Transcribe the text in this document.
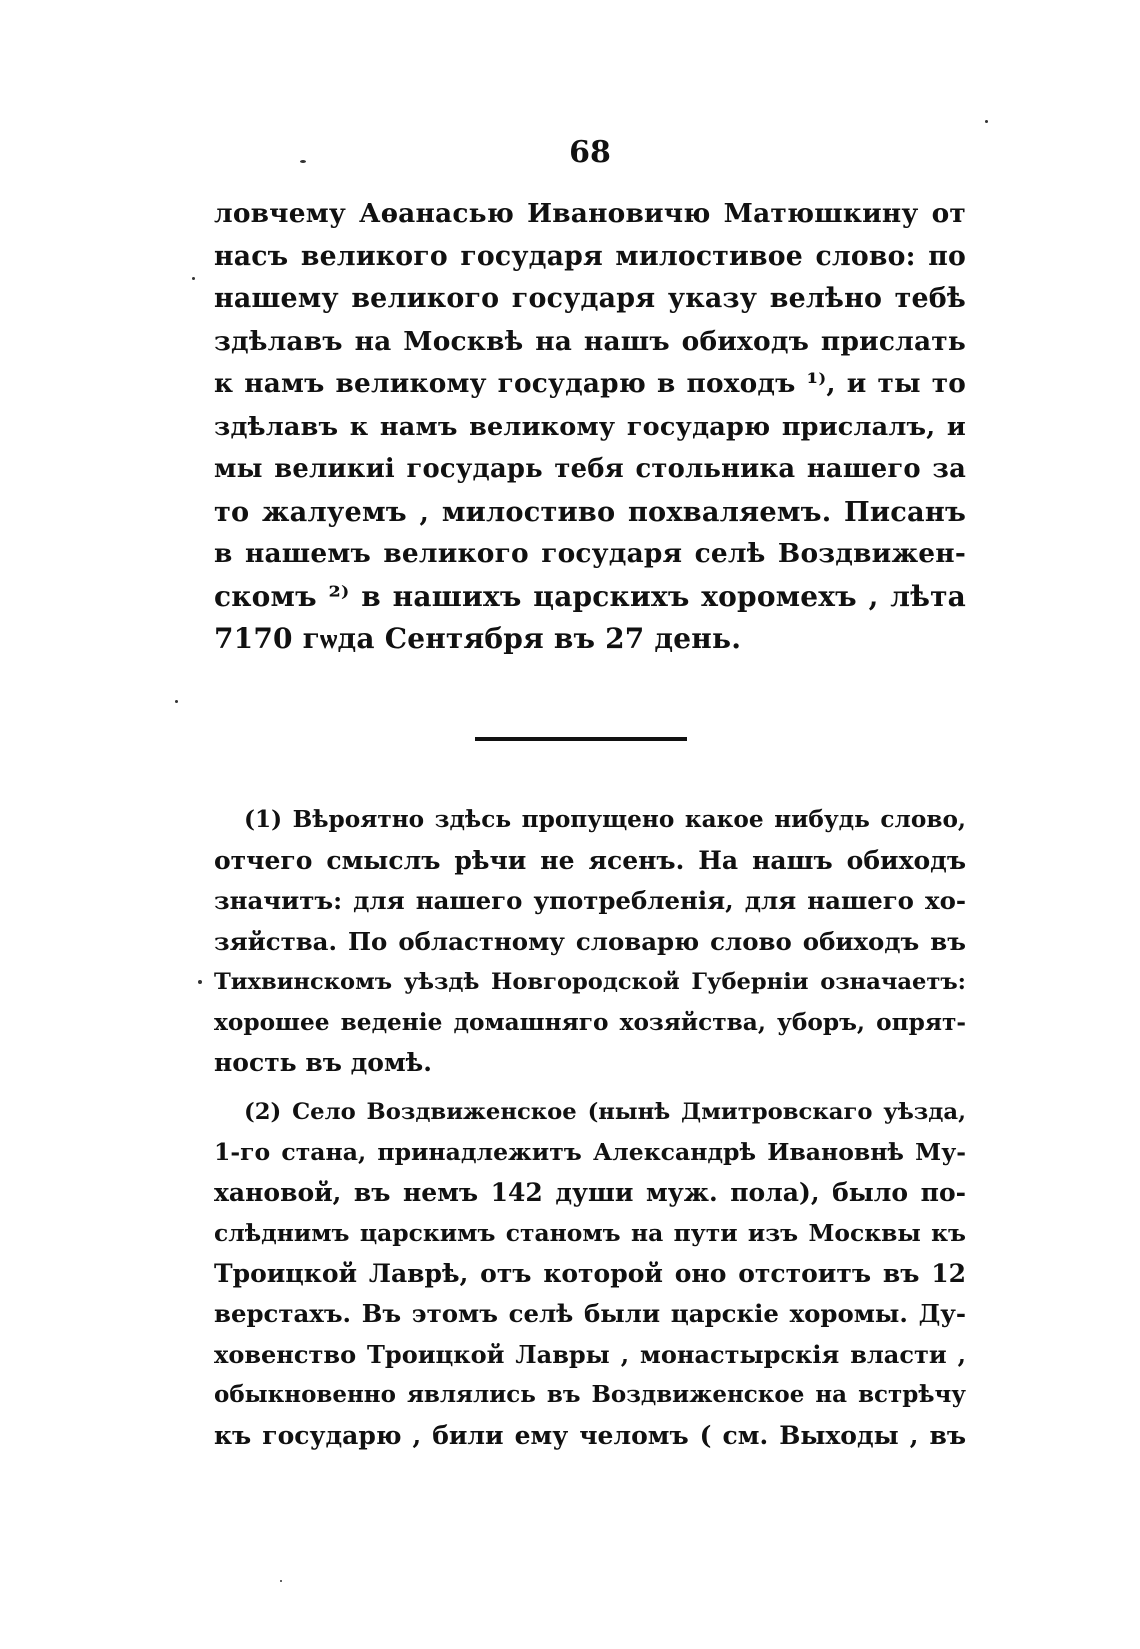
68
ловчему Аѳанасью Ивановичю Матюшкину от
насъ великого государя милостивое слово: по
нашему великого государя указу велѣно тебѣ
здѣлавъ на Москвѣ на нашъ обиходъ прислать
к намъ великому государю в походъ ¹⁾, и ты то
здѣлавъ к намъ великому государю прислалъ, и
мы великиі государь тебя стольника нашего за
то жалуемъ , милостиво похваляемъ. Писанъ
в нашемъ великого государя селѣ Воздвижен-
скомъ ²⁾ в нашихъ царскихъ хоромехъ , лѣта
7170 гѡда Сентября въ 27 день.
(1) Вѣроятно здѣсь пропущено какое нибудь слово,
отчего смыслъ рѣчи не ясенъ. На нашъ обиходъ
значитъ: для нашего употребленія, для нашего хо-
зяйства. По областному словарю слово обиходъ въ
Тихвинскомъ уѣздѣ Новгородской Губерніи означаетъ:
хорошее веденіе домашняго хозяйства, уборъ, опрят-
ность въ домѣ.
(2) Село Воздвиженское (нынѣ Дмитровскаго уѣзда,
1-го стана, принадлежитъ Александрѣ Ивановнѣ Му-
хановой, въ немъ 142 души муж. пола), было по-
слѣднимъ царскимъ станомъ на пути изъ Москвы къ
Троицкой Лаврѣ, отъ которой оно отстоитъ въ 12
верстахъ. Въ этомъ селѣ были царскіе хоромы. Ду-
ховенство Троицкой Лавры , монастырскія власти ,
обыкновенно являлись въ Воздвиженское на встрѣчу
къ государю , били ему челомъ ( см. Выходы , въ
